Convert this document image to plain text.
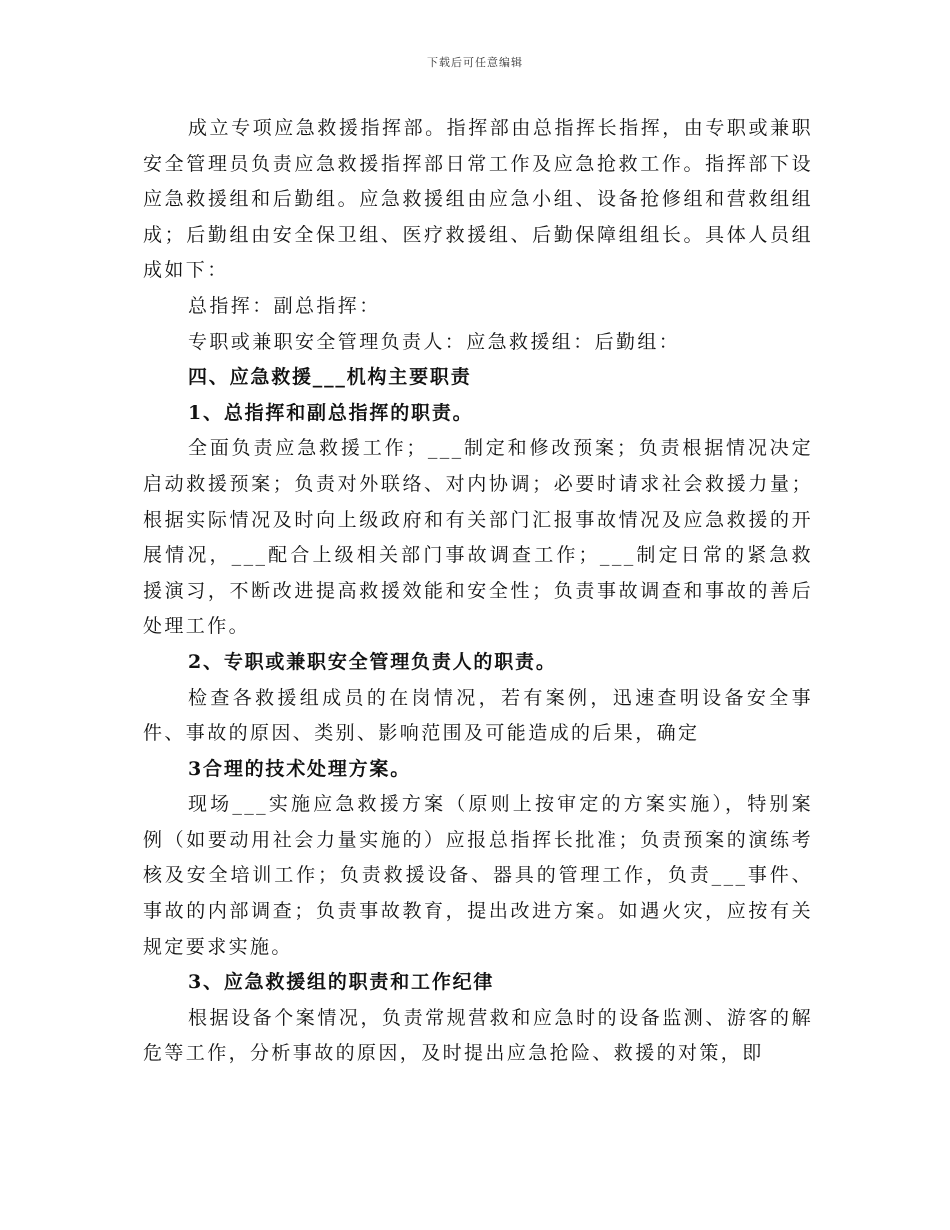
下载后可任意编辑

成立专项应急救援指挥部。指挥部由总指挥长指挥，由专职或兼职安全管理员负责应急救援指挥部日常工作及应急抢救工作。指挥部下设应急救援组和后勤组。应急救援组由应急小组、设备抢修组和营救组组成；后勤组由安全保卫组、医疗救援组、后勤保障组组长。具体人员组成如下：

总指挥：副总指挥：

专职或兼职安全管理负责人：应急救援组：后勤组：

四、应急救援___机构主要职责

1、总指挥和副总指挥的职责。

全面负责应急救援工作；___制定和修改预案；负责根据情况决定启动救援预案；负责对外联络、对内协调；必要时请求社会救援力量；根据实际情况及时向上级政府和有关部门汇报事故情况及应急救援的开展情况，___配合上级相关部门事故调查工作；___制定日常的紧急救援演习，不断改进提高救援效能和安全性；负责事故调查和事故的善后处理工作。

2、专职或兼职安全管理负责人的职责。

检查各救援组成员的在岗情况，若有案例，迅速查明设备安全事件、事故的原因、类别、影响范围及可能造成的后果，确定

3合理的技术处理方案。

现场___实施应急救援方案（原则上按审定的方案实施），特别案例（如要动用社会力量实施的）应报总指挥长批准；负责预案的演练考核及安全培训工作；负责救援设备、器具的管理工作，负责___事件、事故的内部调查；负责事故教育，提出改进方案。如遇火灾，应按有关规定要求实施。

3、应急救援组的职责和工作纪律

根据设备个案情况，负责常规营救和应急时的设备监测、游客的解危等工作，分析事故的原因，及时提出应急抢险、救援的对策，即
